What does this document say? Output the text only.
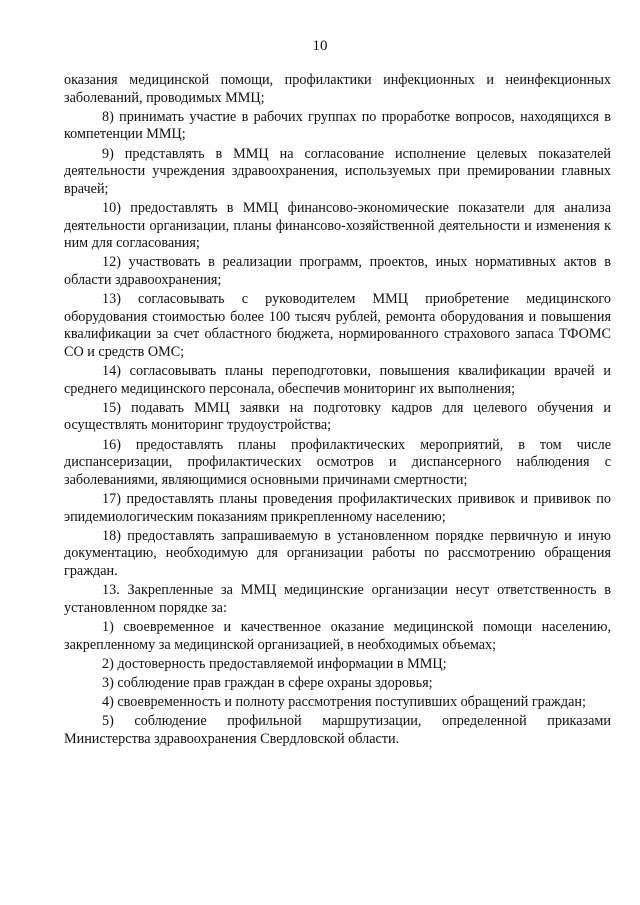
10

оказания медицинской помощи, профилактики инфекционных и неинфекционных заболеваний, проводимых ММЦ;

8) принимать участие в рабочих группах по проработке вопросов, находящихся в компетенции ММЦ;

9) представлять в ММЦ на согласование исполнение целевых показателей деятельности учреждения здравоохранения, используемых при премировании главных врачей;

10) предоставлять в ММЦ финансово-экономические показатели для анализа деятельности организации, планы финансово-хозяйственной деятельности и изменения к ним для согласования;

12) участвовать в реализации программ, проектов, иных нормативных актов в области здравоохранения;

13) согласовывать с руководителем ММЦ приобретение медицинского оборудования стоимостью более 100 тысяч рублей, ремонта оборудования и повышения квалификации за счет областного бюджета, нормированного страхового запаса ТФОМС СО и средств ОМС;

14) согласовывать планы переподготовки, повышения квалификации врачей и среднего медицинского персонала, обеспечив мониторинг их выполнения;

15) подавать ММЦ заявки на подготовку кадров для целевого обучения и осуществлять мониторинг трудоустройства;

16) предоставлять планы профилактических мероприятий, в том числе диспансеризации, профилактических осмотров и диспансерного наблюдения с заболеваниями, являющимися основными причинами смертности;

17) предоставлять планы проведения профилактических прививок и прививок по эпидемиологическим показаниям прикрепленному населению;

18) предоставлять запрашиваемую в установленном порядке первичную и иную документацию, необходимую для организации работы по рассмотрению обращения граждан.

13. Закрепленные за ММЦ медицинские организации несут ответственность в установленном порядке за:

1) своевременное и качественное оказание медицинской помощи населению, закрепленному за медицинской организацией, в необходимых объемах;

2) достоверность предоставляемой информации в ММЦ;

3) соблюдение прав граждан в сфере охраны здоровья;

4) своевременность и полноту рассмотрения поступивших обращений граждан;

5) соблюдение профильной маршрутизации, определенной приказами Министерства здравоохранения Свердловской области.
